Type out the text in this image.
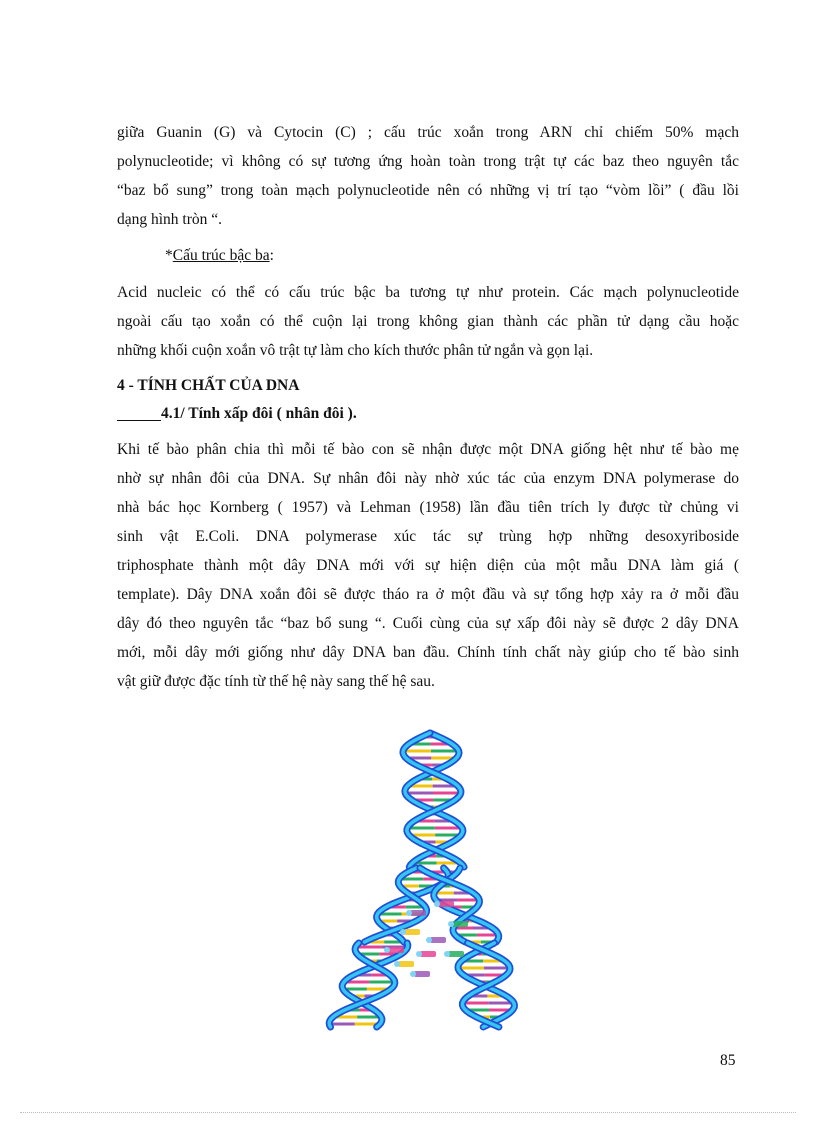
giữa Guanin (G) và Cytocin (C) ; cấu trúc xoắn trong ARN chỉ chiếm 50% mạch
polynucleotide; vì không có sự tương ứng hoàn toàn trong trật tự các baz theo nguyên tắc
“baz bổ sung” trong toàn mạch polynucleotide nên có những vị trí tạo “vòm lồi” ( đầu lồi
dạng hình tròn “.

*Cấu trúc bậc ba:

Acid nucleic có thể có cấu trúc bậc ba tương tự như protein. Các mạch polynucleotide
ngoài cấu tạo xoắn có thể cuộn lại trong không gian thành các phần tử dạng cầu hoặc
những khối cuộn xoắn vô trật tự làm cho kích thước phân tử ngắn và gọn lại.

4 - TÍNH CHẤT CỦA DNA

4.1/ Tính xấp đôi ( nhân đôi ).

Khi tế bào phân chia thì mỗi tế bào con sẽ nhận được một DNA giống hệt như tế bào mẹ
nhờ sự nhân đôi của DNA. Sự nhân đôi này nhờ xúc tác của enzym DNA polymerase do
nhà bác học Kornberg ( 1957) và Lehman (1958) lần đầu tiên trích ly được từ chủng vi
sinh vật E.Coli. DNA polymerase xúc tác sự trùng hợp những desoxyriboside
triphosphate thành một dây DNA mới với sự hiện diện của một mẫu DNA làm giá (
template). Dây DNA xoắn đôi sẽ được tháo ra ở một đầu và sự tổng hợp xảy ra ở mỗi đầu
dây đó theo nguyên tắc “baz bổ sung “. Cuối cùng của sự xấp đôi này sẽ được 2 dây DNA
mới, mỗi dây mới giống như dây DNA ban đầu. Chính tính chất này giúp cho tế bào sinh
vật giữ được đặc tính từ thế hệ này sang thế hệ sau.
85
